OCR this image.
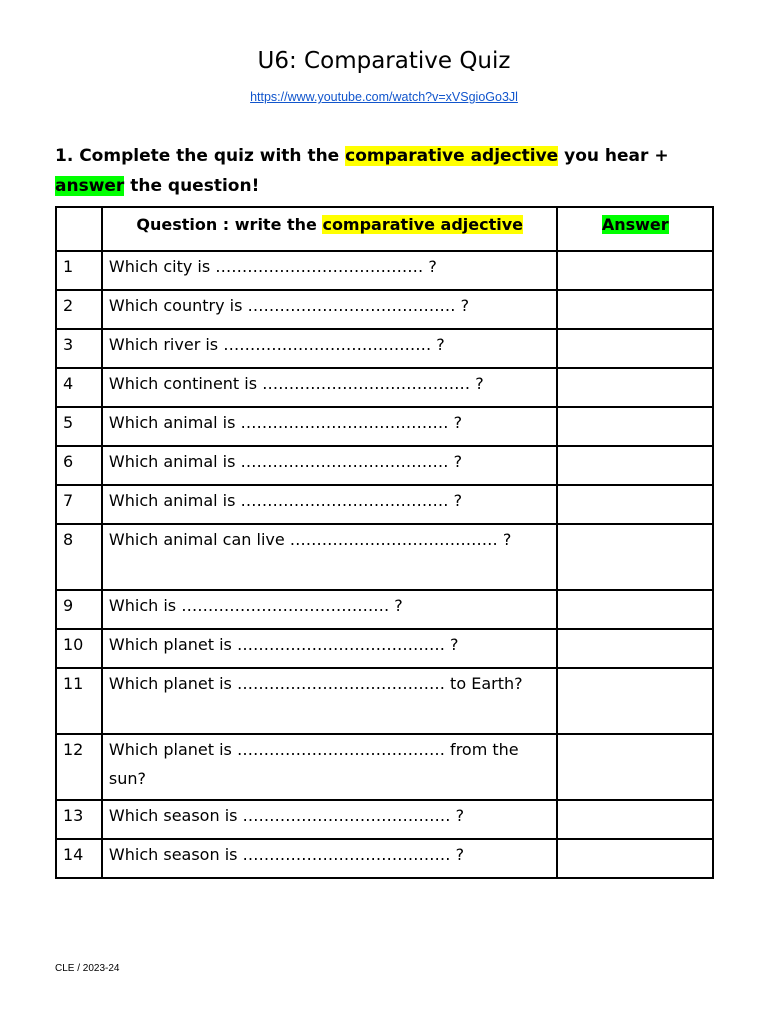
U6: Comparative Quiz
https://www.youtube.com/watch?v=xVSgioGo3Jl

1. Complete the quiz with the comparative adjective you hear + answer the question!

	Question : write the comparative adjective	Answer
1	Which city is ………………………………… ?	
2	Which country is ………………………………… ?	
3	Which river is ………………………………… ?	
4	Which continent is ………………………………… ?	
5	Which animal is ………………………………… ?	
6	Which animal is ………………………………… ?	
7	Which animal is ………………………………… ?	
8	Which animal can live ………………………………… ?	
9	Which is ………………………………… ?	
10	Which planet is ………………………………… ?	
11	Which planet is ………………………………… to Earth?	
12	Which planet is ………………………………… from the sun?	
13	Which season is ………………………………… ?	
14	Which season is ………………………………… ?	
CLE / 2023-24
